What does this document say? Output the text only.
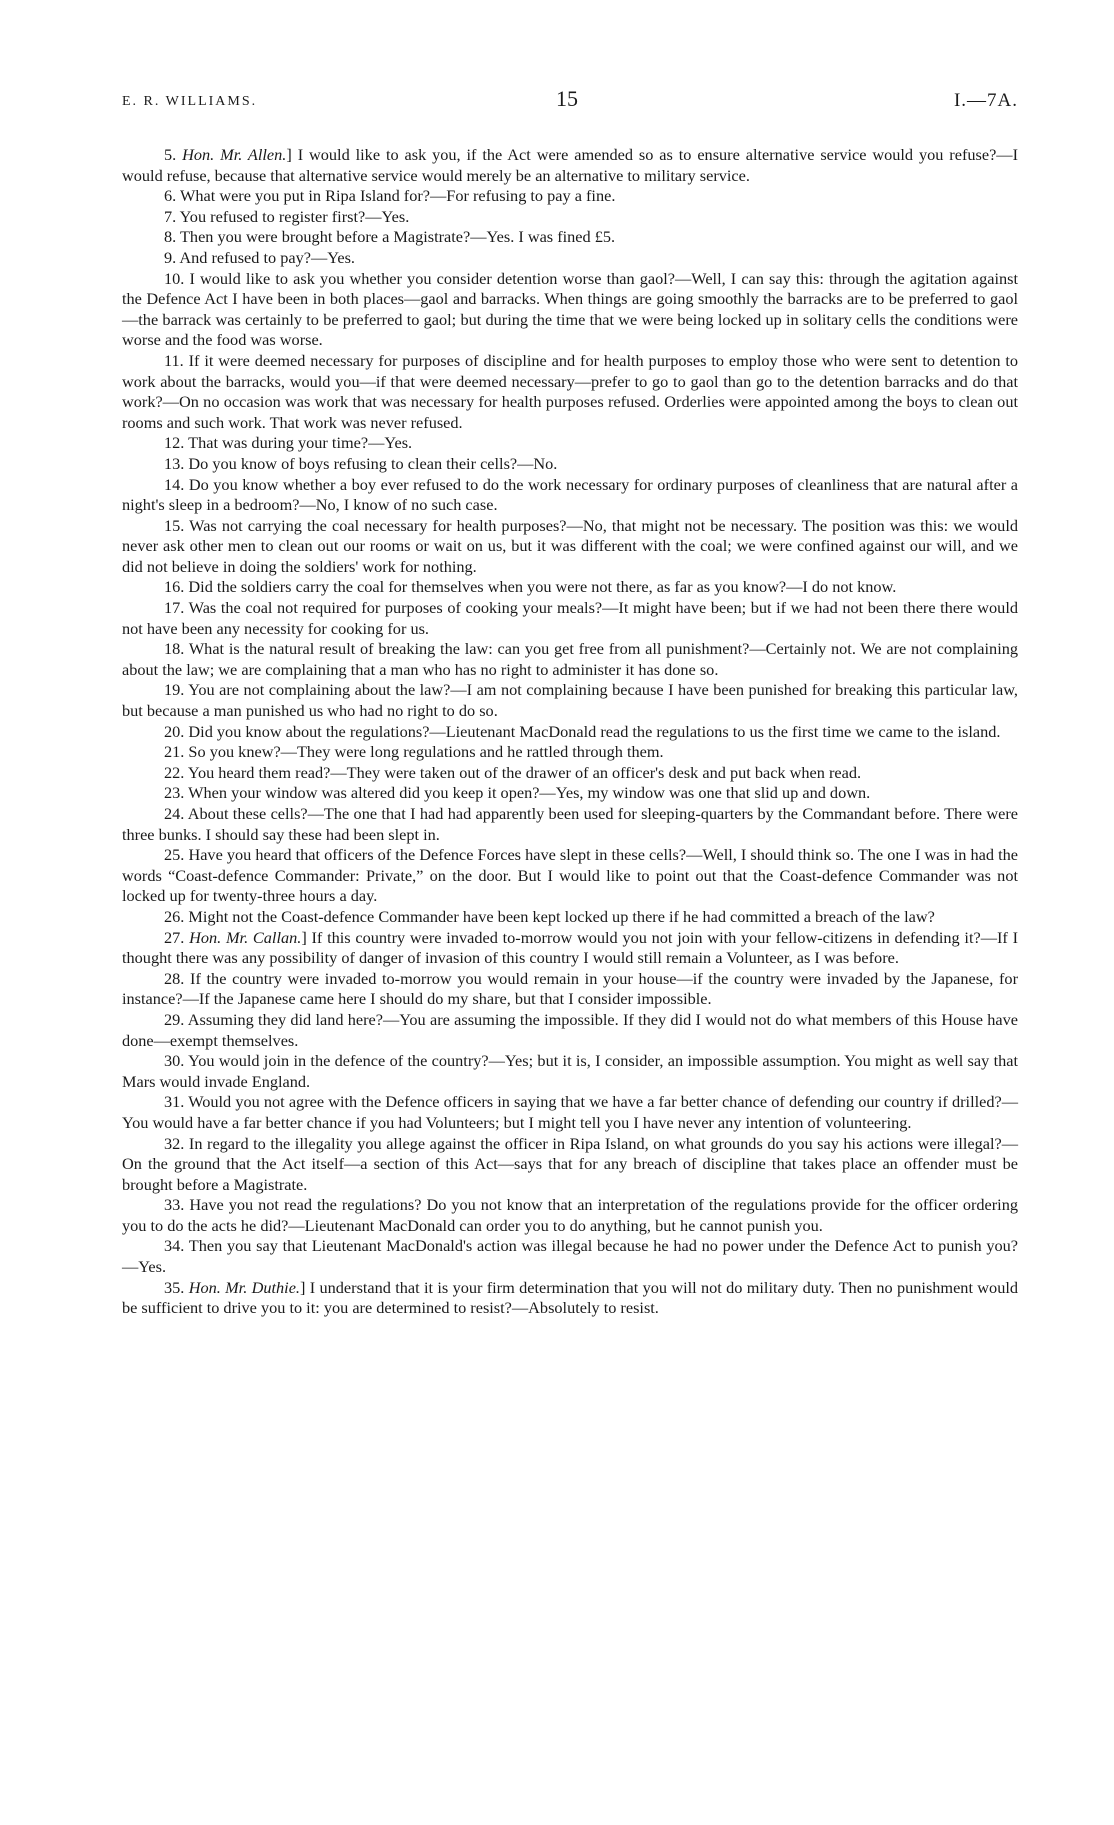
E. R. WILLIAMS.	15	I.—7A.

5. Hon. Mr. Allen.] I would like to ask you, if the Act were amended so as to ensure alternative service would you refuse?—I would refuse, because that alternative service would merely be an alternative to military service.

6. What were you put in Ripa Island for?—For refusing to pay a fine.

7. You refused to register first?—Yes.

8. Then you were brought before a Magistrate?—Yes. I was fined £5.

9. And refused to pay?—Yes.

10. I would like to ask you whether you consider detention worse than gaol?—Well, I can say this: through the agitation against the Defence Act I have been in both places—gaol and barracks. When things are going smoothly the barracks are to be preferred to gaol—the barrack was certainly to be preferred to gaol; but during the time that we were being locked up in solitary cells the conditions were worse and the food was worse.

11. If it were deemed necessary for purposes of discipline and for health purposes to employ those who were sent to detention to work about the barracks, would you—if that were deemed necessary—prefer to go to gaol than go to the detention barracks and do that work?—On no occasion was work that was necessary for health purposes refused. Orderlies were appointed among the boys to clean out rooms and such work. That work was never refused.

12. That was during your time?—Yes.

13. Do you know of boys refusing to clean their cells?—No.

14. Do you know whether a boy ever refused to do the work necessary for ordinary purposes of cleanliness that are natural after a night's sleep in a bedroom?—No, I know of no such case.

15. Was not carrying the coal necessary for health purposes?—No, that might not be necessary. The position was this: we would never ask other men to clean out our rooms or wait on us, but it was different with the coal; we were confined against our will, and we did not believe in doing the soldiers' work for nothing.

16. Did the soldiers carry the coal for themselves when you were not there, as far as you know?—I do not know.

17. Was the coal not required for purposes of cooking your meals?—It might have been; but if we had not been there there would not have been any necessity for cooking for us.

18. What is the natural result of breaking the law: can you get free from all punishment?—Certainly not. We are not complaining about the law; we are complaining that a man who has no right to administer it has done so.

19. You are not complaining about the law?—I am not complaining because I have been punished for breaking this particular law, but because a man punished us who had no right to do so.

20. Did you know about the regulations?—Lieutenant MacDonald read the regulations to us the first time we came to the island.

21. So you knew?—They were long regulations and he rattled through them.

22. You heard them read?—They were taken out of the drawer of an officer's desk and put back when read.

23. When your window was altered did you keep it open?—Yes, my window was one that slid up and down.

24. About these cells?—The one that I had had apparently been used for sleeping-quarters by the Commandant before. There were three bunks. I should say these had been slept in.

25. Have you heard that officers of the Defence Forces have slept in these cells?—Well, I should think so. The one I was in had the words “Coast-defence Commander: Private,” on the door. But I would like to point out that the Coast-defence Commander was not locked up for twenty-three hours a day.

26. Might not the Coast-defence Commander have been kept locked up there if he had committed a breach of the law?

27. Hon. Mr. Callan.] If this country were invaded to-morrow would you not join with your fellow-citizens in defending it?—If I thought there was any possibility of danger of invasion of this country I would still remain a Volunteer, as I was before.

28. If the country were invaded to-morrow you would remain in your house—if the country were invaded by the Japanese, for instance?—If the Japanese came here I should do my share, but that I consider impossible.

29. Assuming they did land here?—You are assuming the impossible. If they did I would not do what members of this House have done—exempt themselves.

30. You would join in the defence of the country?—Yes; but it is, I consider, an impossible assumption. You might as well say that Mars would invade England.

31. Would you not agree with the Defence officers in saying that we have a far better chance of defending our country if drilled?—You would have a far better chance if you had Volunteers; but I might tell you I have never any intention of volunteering.

32. In regard to the illegality you allege against the officer in Ripa Island, on what grounds do you say his actions were illegal?—On the ground that the Act itself—a section of this Act—says that for any breach of discipline that takes place an offender must be brought before a Magistrate.

33. Have you not read the regulations? Do you not know that an interpretation of the regulations provide for the officer ordering you to do the acts he did?—Lieutenant MacDonald can order you to do anything, but he cannot punish you.

34. Then you say that Lieutenant MacDonald's action was illegal because he had no power under the Defence Act to punish you?—Yes.

35. Hon. Mr. Duthie.] I understand that it is your firm determination that you will not do military duty. Then no punishment would be sufficient to drive you to it: you are determined to resist?—Absolutely to resist.
